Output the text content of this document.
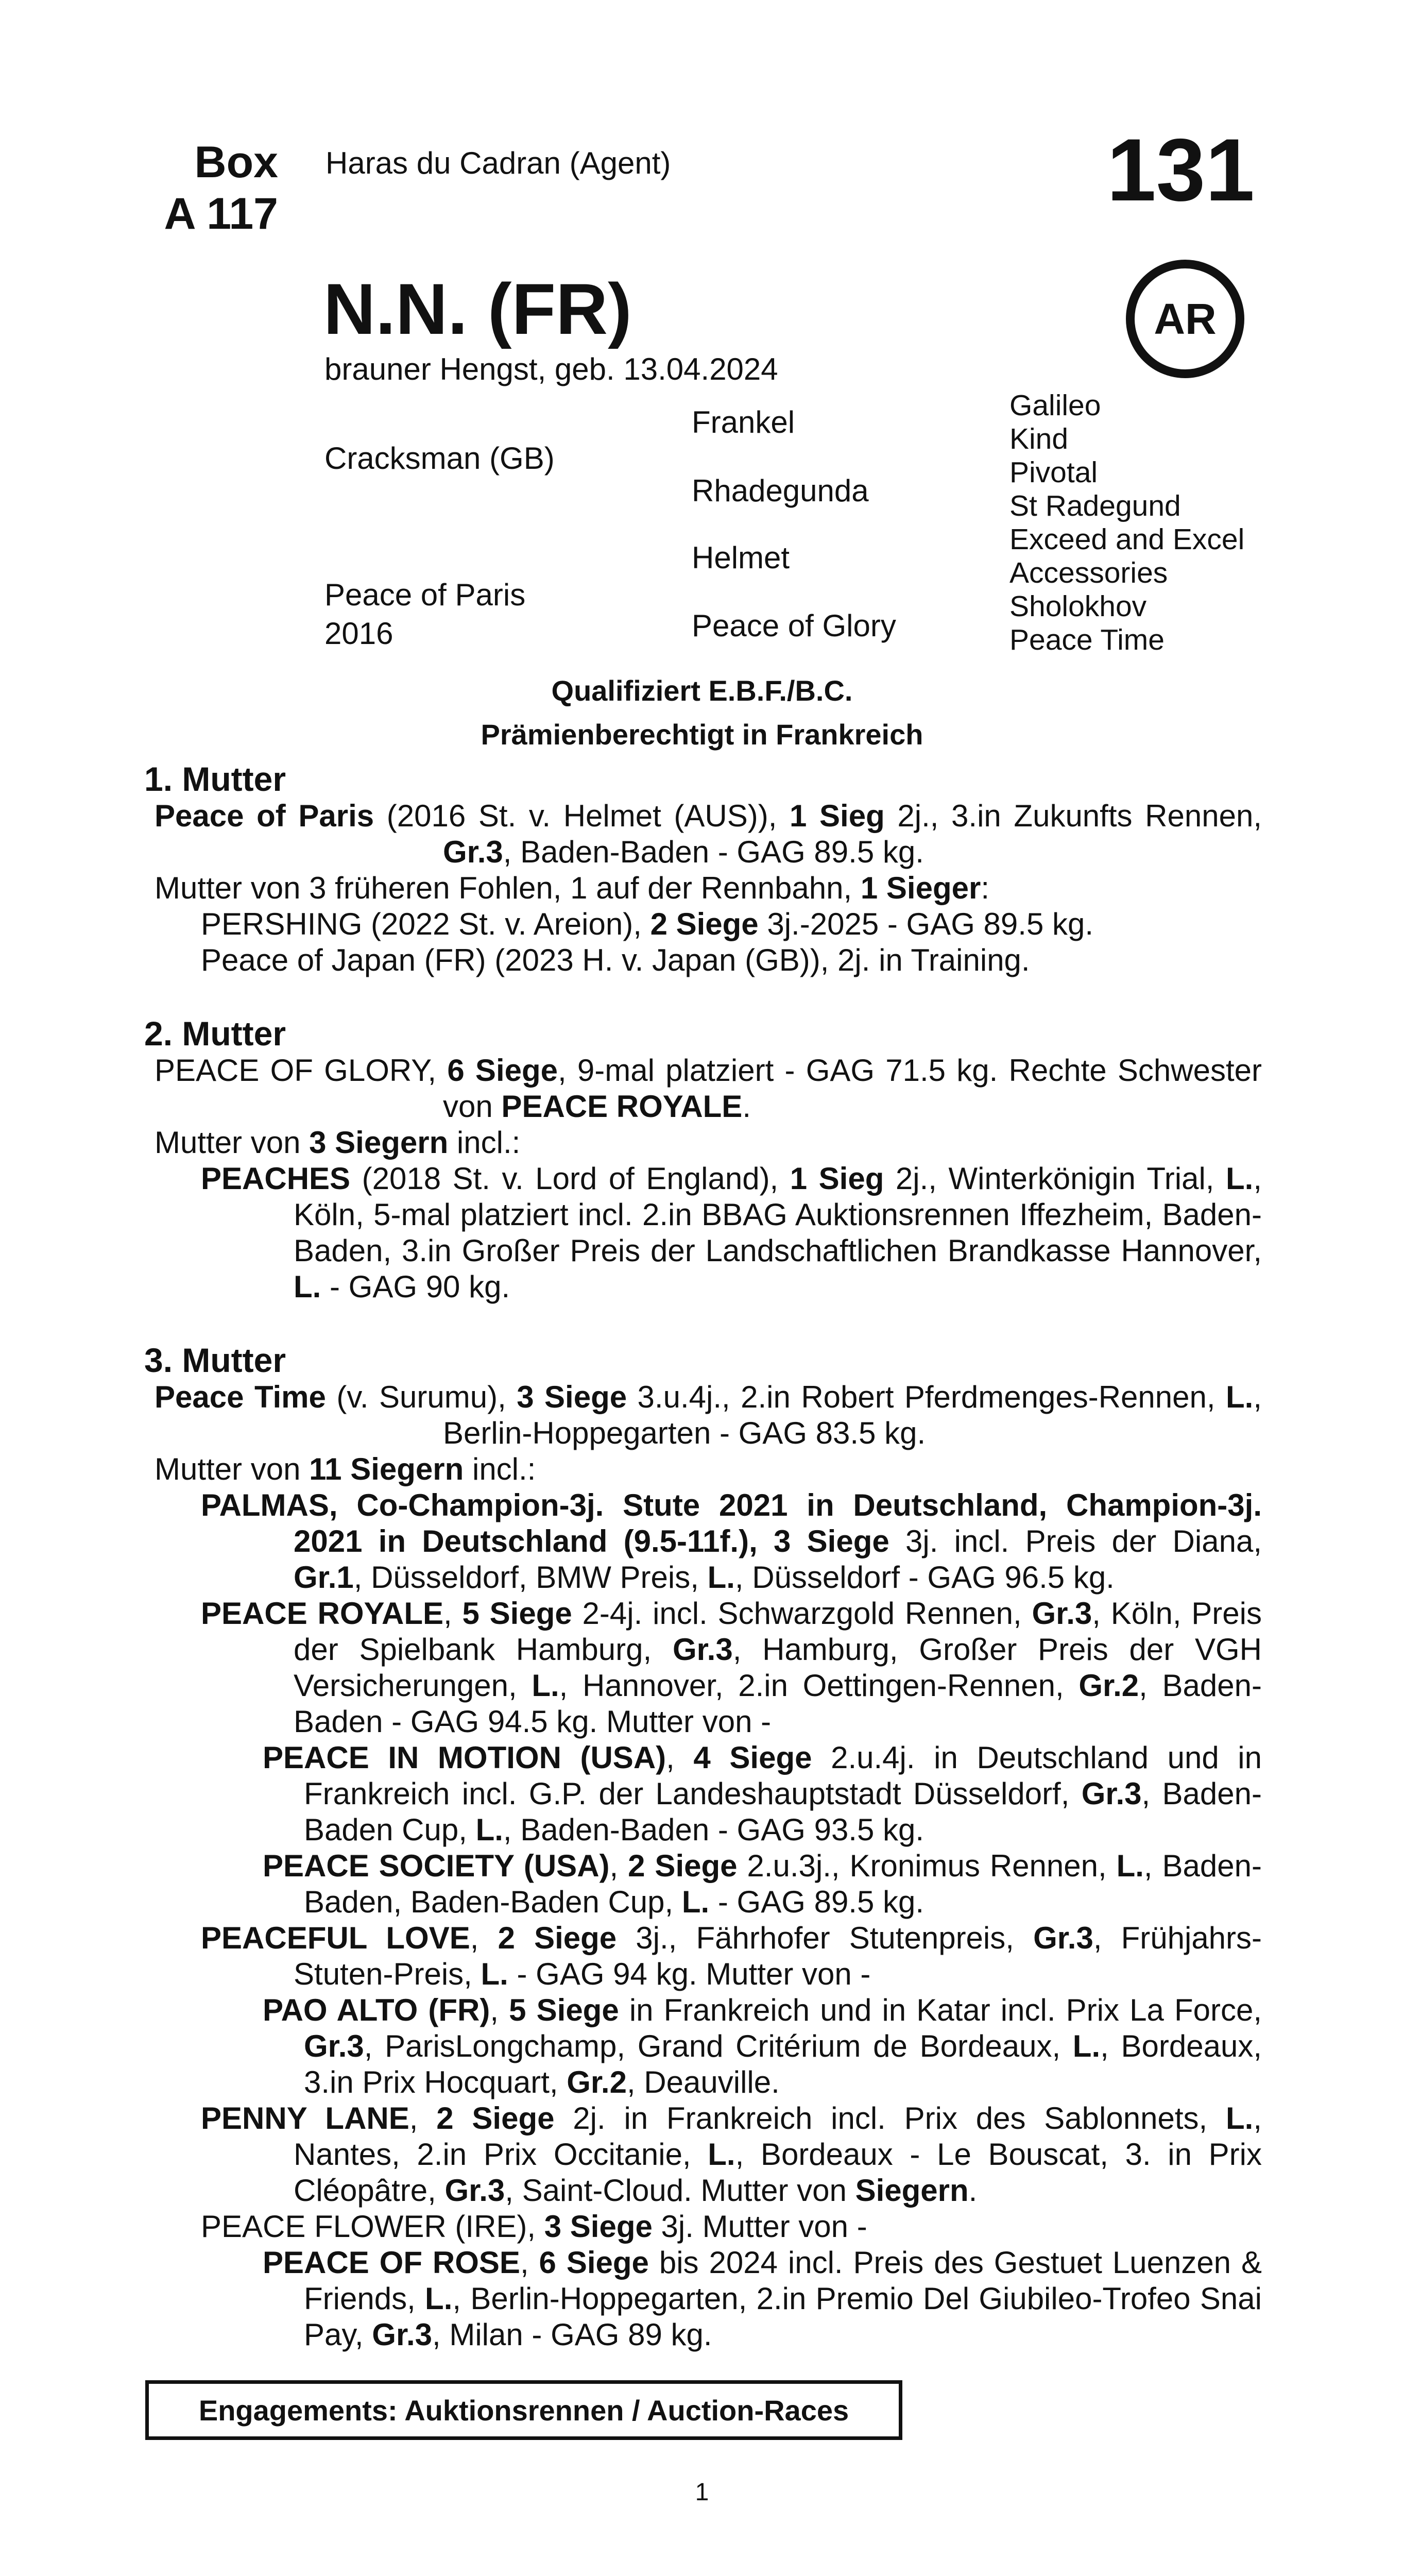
Box
A 117
Haras du Cadran (Agent)	131
AR
N.N. (FR)
brauner Hengst, geb. 13.04.2024
Cracksman (GB)
Peace of Paris
2016
Frankel
Rhadegunda
Helmet
Peace of Glory
Galileo
Kind
Pivotal
St Radegund
Exceed and Excel
Accessories
Sholokhov
Peace Time
Qualifiziert E.B.F./B.C.
Prämienberechtigt in Frankreich
1. Mutter
Peace of Paris (2016 St. v. Helmet (AUS)), 1 Sieg 2j., 3.in Zukunfts Rennen, Gr.3, Baden-Baden - GAG 89.5 kg.
Mutter von 3 früheren Fohlen, 1 auf der Rennbahn, 1 Sieger:
PERSHING (2022 St. v. Areion), 2 Siege 3j.-2025 - GAG 89.5 kg.
Peace of Japan (FR) (2023 H. v. Japan (GB)), 2j. in Training.
2. Mutter
PEACE OF GLORY, 6 Siege, 9-mal platziert - GAG 71.5 kg. Rechte Schwester von PEACE ROYALE.
Mutter von 3 Siegern incl.:
PEACHES (2018 St. v. Lord of England), 1 Sieg 2j., Winterkönigin Trial, L., Köln, 5-mal platziert incl. 2.in BBAG Auktionsrennen Iffezheim, Baden-Baden, 3.in Großer Preis der Landschaftlichen Brandkasse Hannover, L. - GAG 90 kg.
3. Mutter
Peace Time (v. Surumu), 3 Siege 3.u.4j., 2.in Robert Pferdmenges-Rennen, L., Berlin-Hoppegarten - GAG 83.5 kg.
Mutter von 11 Siegern incl.:
PALMAS, Co-Champion-3j. Stute 2021 in Deutschland, Champion-3j. 2021 in Deutschland (9.5-11f.), 3 Siege 3j. incl. Preis der Diana, Gr.1, Düsseldorf, BMW Preis, L., Düsseldorf - GAG 96.5 kg.
PEACE ROYALE, 5 Siege 2-4j. incl. Schwarzgold Rennen, Gr.3, Köln, Preis der Spielbank Hamburg, Gr.3, Hamburg, Großer Preis der VGH Versicherungen, L., Hannover, 2.in Oettingen-Rennen, Gr.2, Baden-Baden - GAG 94.5 kg. Mutter von -
PEACE IN MOTION (USA), 4 Siege 2.u.4j. in Deutschland und in Frankreich incl. G.P. der Landeshauptstadt Düsseldorf, Gr.3, Baden-Baden Cup, L., Baden-Baden - GAG 93.5 kg.
PEACE SOCIETY (USA), 2 Siege 2.u.3j., Kronimus Rennen, L., Baden-Baden, Baden-Baden Cup, L. - GAG 89.5 kg.
PEACEFUL LOVE, 2 Siege 3j., Fährhofer Stutenpreis, Gr.3, Frühjahrs-Stuten-Preis, L. - GAG 94 kg. Mutter von -
PAO ALTO (FR), 5 Siege in Frankreich und in Katar incl. Prix La Force, Gr.3, ParisLongchamp, Grand Critérium de Bordeaux, L., Bordeaux, 3.in Prix Hocquart, Gr.2, Deauville.
PENNY LANE, 2 Siege 2j. in Frankreich incl. Prix des Sablonnets, L., Nantes, 2.in Prix Occitanie, L., Bordeaux - Le Bouscat, 3. in Prix Cléopâtre, Gr.3, Saint-Cloud. Mutter von Siegern.
PEACE FLOWER (IRE), 3 Siege 3j. Mutter von -
PEACE OF ROSE, 6 Siege bis 2024 incl. Preis des Gestuet Luenzen & Friends, L., Berlin-Hoppegarten, 2.in Premio Del Giubileo-Trofeo Snai Pay, Gr.3, Milan - GAG 89 kg.
Engagements: Auktionsrennen / Auction-Races
1
